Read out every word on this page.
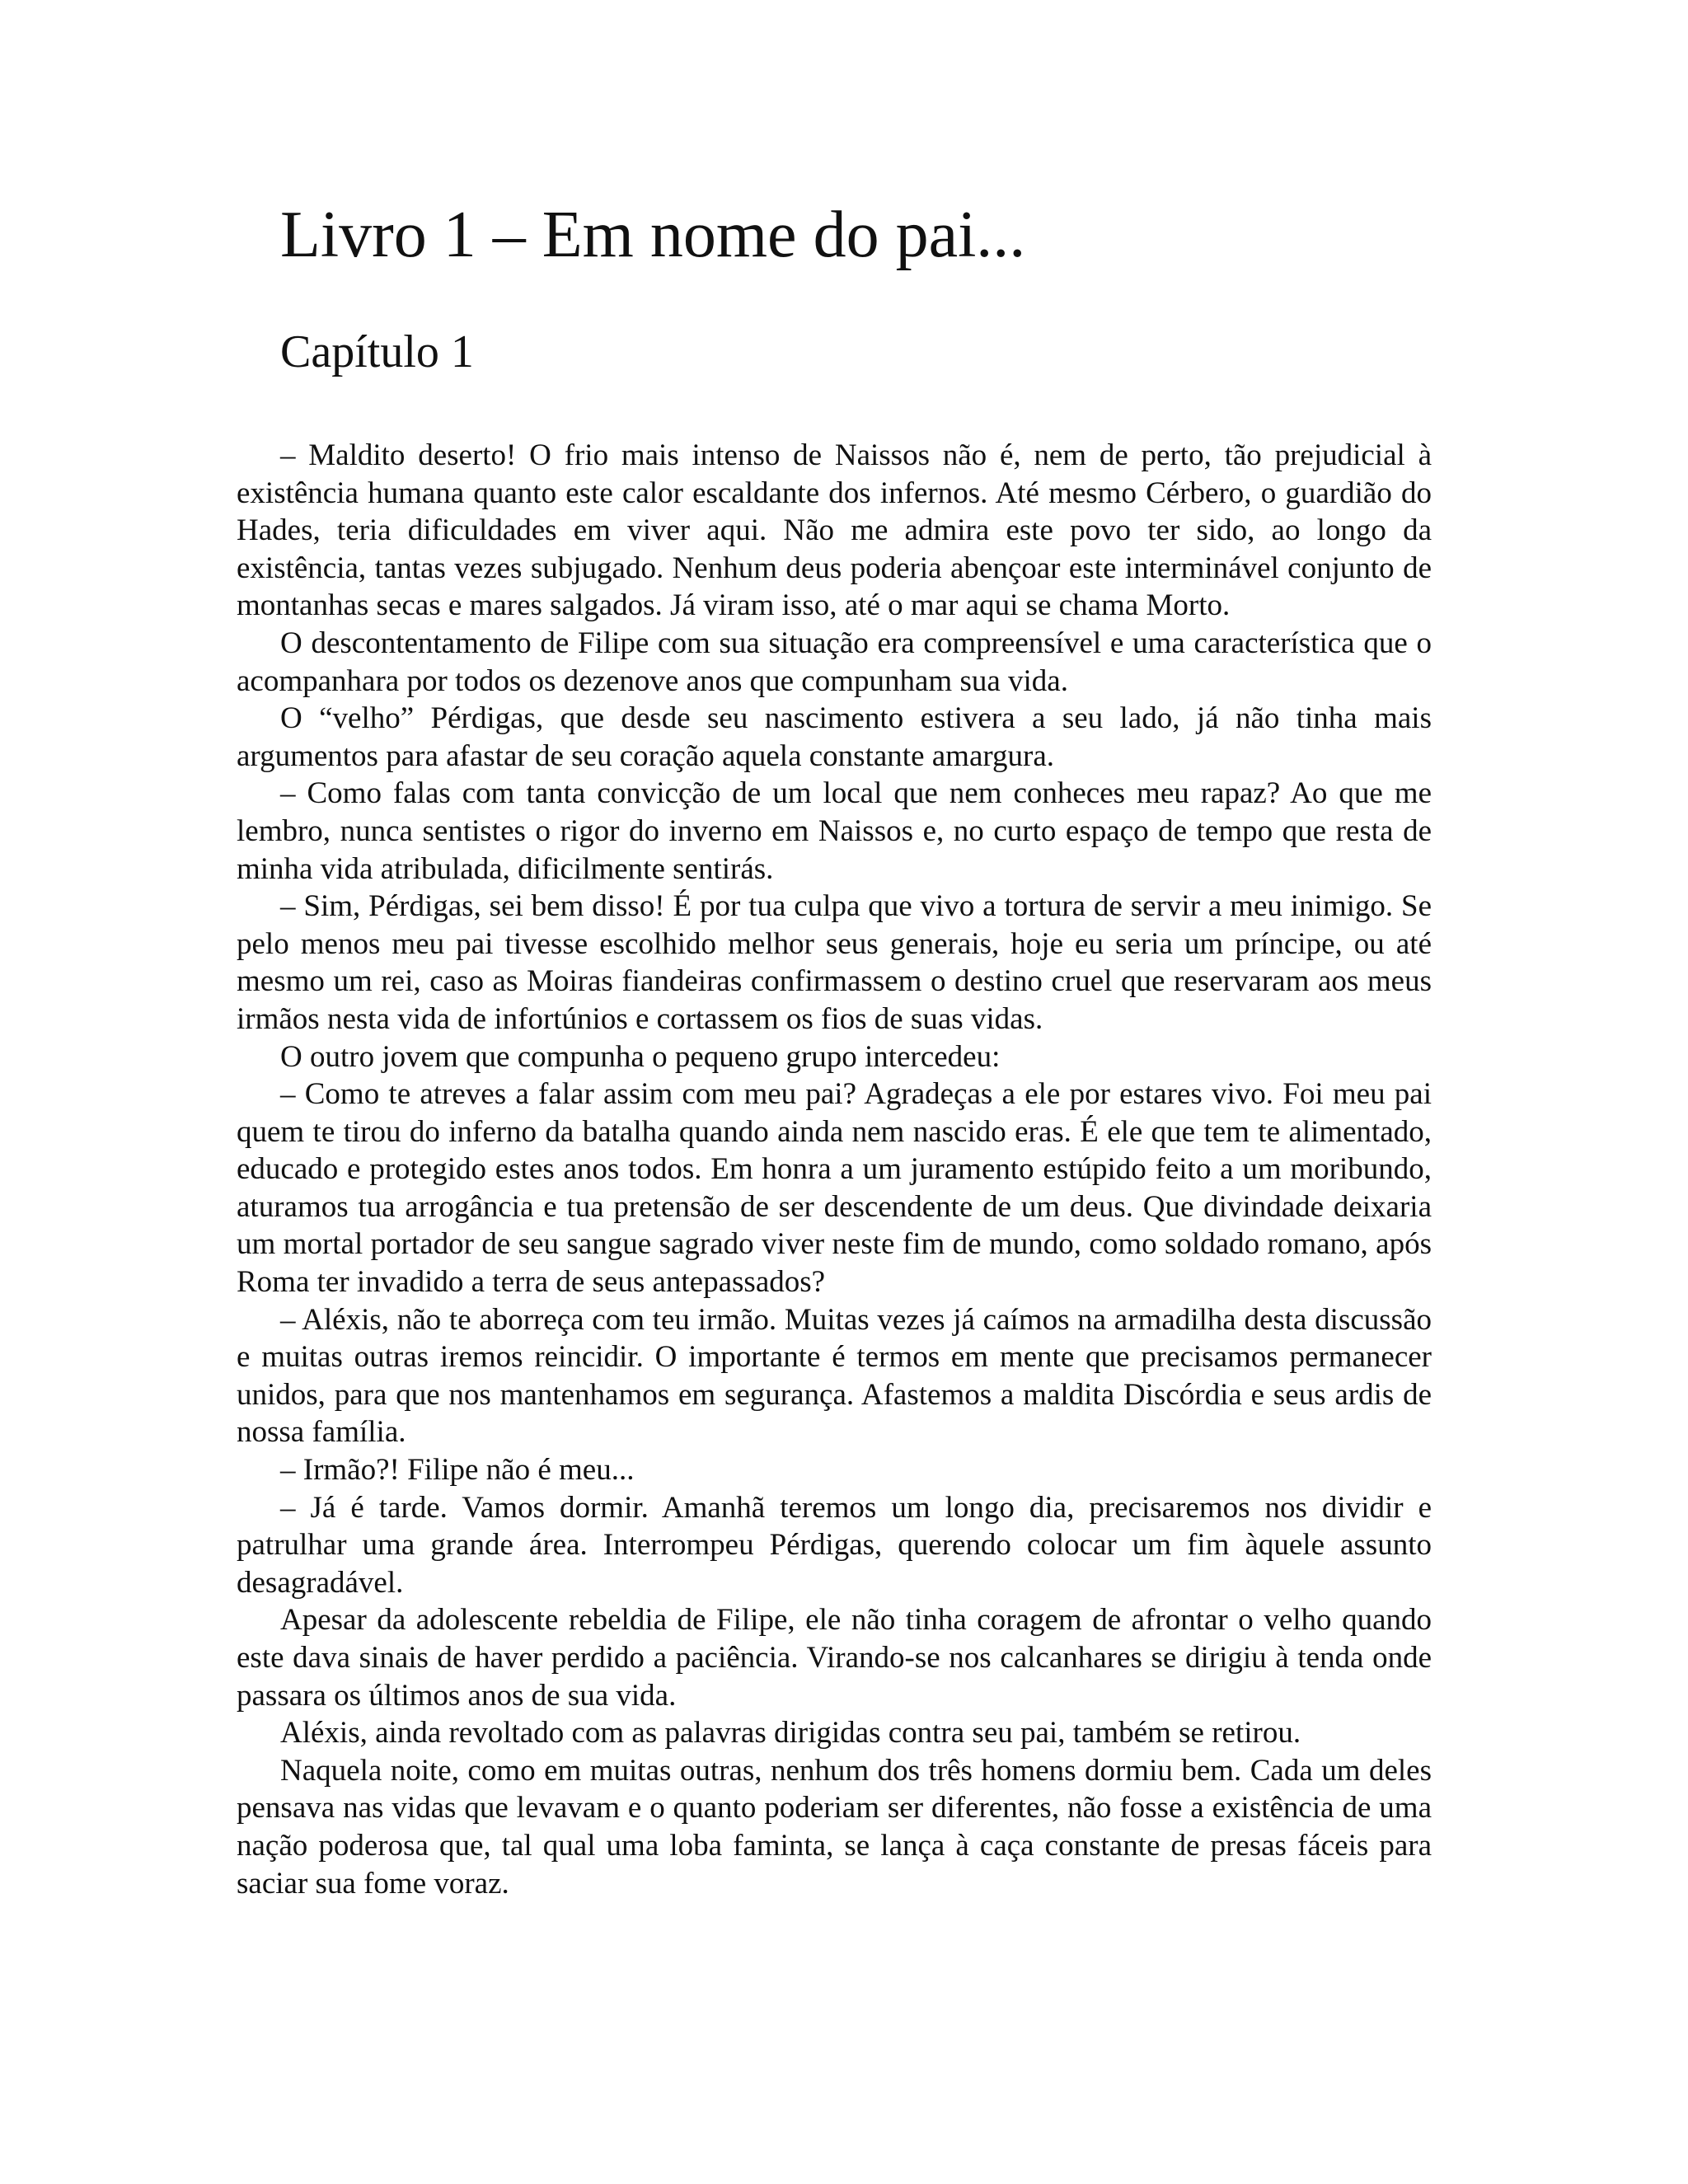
Livro 1 – Em nome do pai...
Capítulo 1

– Maldito deserto! O frio mais intenso de Naissos não é, nem de perto, tão prejudicial à existência humana quanto este calor escaldante dos infernos. Até mesmo Cérbero, o guardião do Hades, teria dificuldades em viver aqui. Não me admira este povo ter sido, ao longo da existência, tantas vezes subjugado. Nenhum deus poderia abençoar este interminável conjunto de montanhas secas e mares salgados. Já viram isso, até o mar aqui se chama Morto.

O descontentamento de Filipe com sua situação era compreensível e uma característica que o acompanhara por todos os dezenove anos que compunham sua vida.

O “velho” Pérdigas, que desde seu nascimento estivera a seu lado, já não tinha mais argumentos para afastar de seu coração aquela constante amargura.

– Como falas com tanta convicção de um local que nem conheces meu rapaz? Ao que me lembro, nunca sentistes o rigor do inverno em Naissos e, no curto espaço de tempo que resta de minha vida atribulada, dificilmente sentirás.

– Sim, Pérdigas, sei bem disso! É por tua culpa que vivo a tortura de servir a meu inimigo. Se pelo menos meu pai tivesse escolhido melhor seus generais, hoje eu seria um príncipe, ou até mesmo um rei, caso as Moiras fiandeiras confirmassem o destino cruel que reservaram aos meus irmãos nesta vida de infortúnios e cortassem os fios de suas vidas.

O outro jovem que compunha o pequeno grupo intercedeu:

– Como te atreves a falar assim com meu pai? Agradeças a ele por estares vivo. Foi meu pai quem te tirou do inferno da batalha quando ainda nem nascido eras. É ele que tem te alimentado, educado e protegido estes anos todos. Em honra a um juramento estúpido feito a um moribundo, aturamos tua arrogância e tua pretensão de ser descendente de um deus. Que divindade deixaria um mortal portador de seu sangue sagrado viver neste fim de mundo, como soldado romano, após Roma ter invadido a terra de seus antepassados?

– Aléxis, não te aborreça com teu irmão. Muitas vezes já caímos na armadilha desta discussão e muitas outras iremos reincidir. O importante é termos em mente que precisamos permanecer unidos, para que nos mantenhamos em segurança. Afastemos a maldita Discórdia e seus ardis de nossa família.

– Irmão?! Filipe não é meu...

– Já é tarde. Vamos dormir. Amanhã teremos um longo dia, precisaremos nos dividir e patrulhar uma grande área. Interrompeu Pérdigas, querendo colocar um fim àquele assunto desagradável.

Apesar da adolescente rebeldia de Filipe, ele não tinha coragem de afrontar o velho quando este dava sinais de haver perdido a paciência. Virando-se nos calcanhares se dirigiu à tenda onde passara os últimos anos de sua vida.

Aléxis, ainda revoltado com as palavras dirigidas contra seu pai, também se retirou.

Naquela noite, como em muitas outras, nenhum dos três homens dormiu bem. Cada um deles pensava nas vidas que levavam e o quanto poderiam ser diferentes, não fosse a existência de uma nação poderosa que, tal qual uma loba faminta, se lança à caça constante de presas fáceis para saciar sua fome voraz.
